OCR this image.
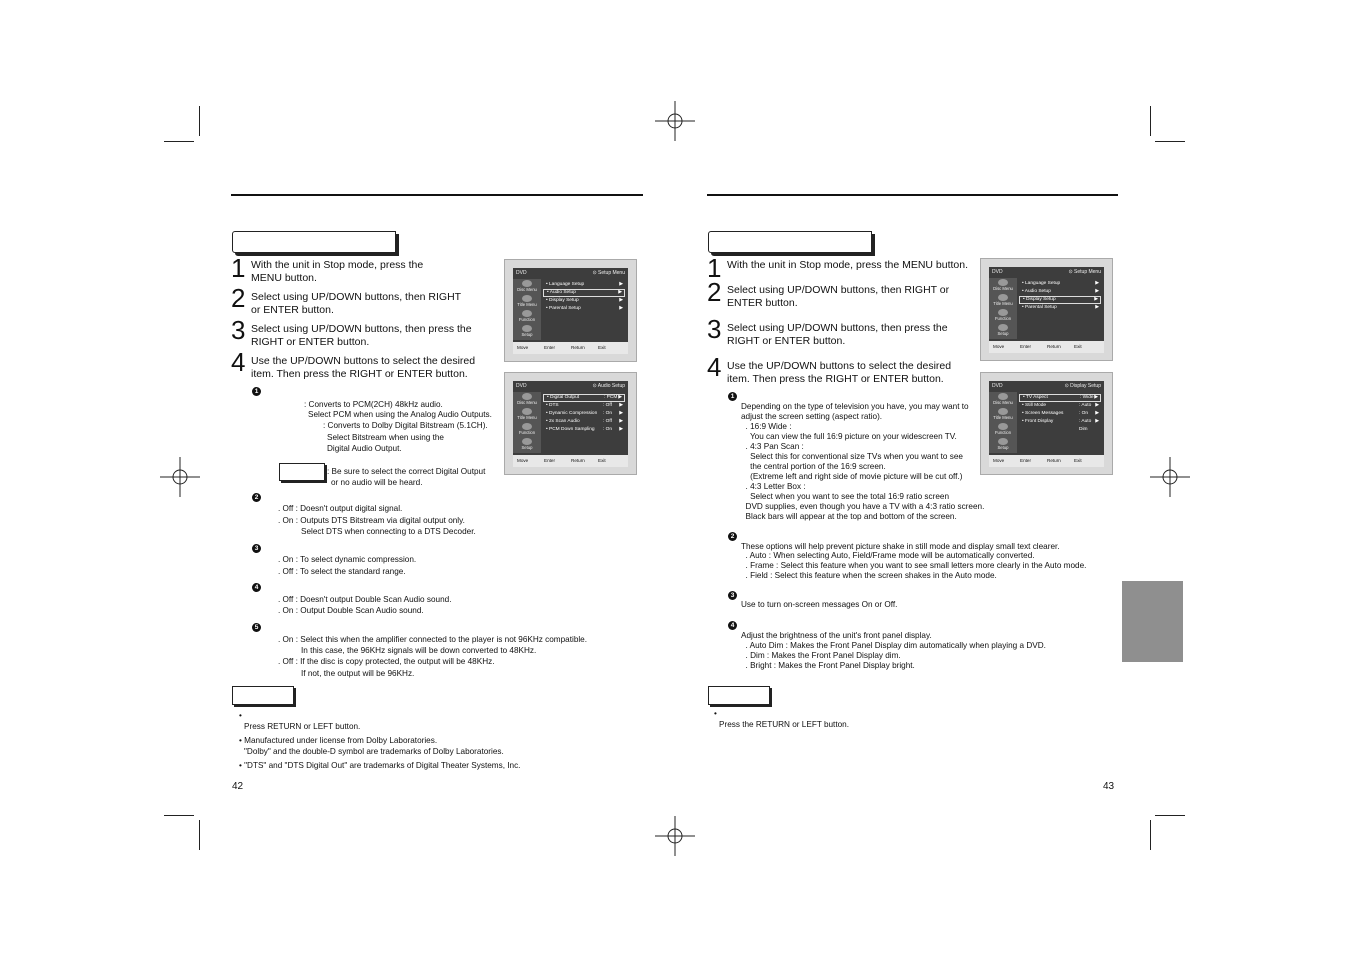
1 With the unit in Stop mode, press the MENU button.
2 Select using UP/DOWN buttons, then RIGHT or ENTER button.
3 Select using UP/DOWN buttons, then press the RIGHT or ENTER button.
4 Use the UP/DOWN buttons to select the desired item. Then press the RIGHT or ENTER button.
1
: Converts to PCM(2CH) 48kHz audio.
Select PCM when using the Analog Audio Outputs.
: Converts to Dolby Digital Bitstream (5.1CH).
Select Bitstream when using the
Digital Audio Output.
: Be sure to select the correct Digital Output
or no audio will be heard.
2
. Off : Doesn't output digital signal.
. On : Outputs DTS Bitstream via digital output only.
Select DTS when connecting to a DTS Decoder.
3
. On : To select dynamic compression.
. Off : To select the standard range.
4
. Off : Doesn't output Double Scan Audio sound.
. On : Output Double Scan Audio sound.
5
. On : Select this when the amplifier connected to the player is not 96KHz compatible.
In this case, the 96KHz signals will be down converted to 48KHz.
. Off : If the disc is copy protected, the output will be 48KHz.
If not, the output will be 96KHz.
•
Press RETURN or LEFT button.
• Manufactured under license from Dolby Laboratories.
"Dolby" and the double-D symbol are trademarks of Dolby Laboratories.
• "DTS" and "DTS Digital Out" are trademarks of Digital Theater Systems, Inc.
42
DVD	⊙ Setup Menu
Disc Menu
Title Menu
Function
Setup
• Language Setup	▶
• Audio Setup	▶
• Display Setup	▶
• Parental Setup	▶
Move	Enter	Return	Exit
DVD	⊙ Audio Setup
Disc Menu
Title Menu
Function
Setup
• Digital Output	: PCM ▶
• DTS	: Off ▶
• Dynamic Compression : On ▶
• 2x Scan Audio	: Off ▶
• PCM Down Sampling : On ▶
Move	Enter	Return	Exit
1 With the unit in Stop mode, press the MENU button.
2 Select using UP/DOWN buttons, then RIGHT or ENTER button.
3 Select using UP/DOWN buttons, then press the RIGHT or ENTER button.
4 Use the UP/DOWN buttons to select the desired item. Then press the RIGHT or ENTER button.
1
Depending on the type of television you have, you may want to
adjust the screen setting (aspect ratio).
. 16:9 Wide :
You can view the full 16:9 picture on your widescreen TV.
. 4:3 Pan Scan :
Select this for conventional size TVs when you want to see
the central portion of the 16:9 screen.
(Extreme left and right side of movie picture will be cut off.)
. 4:3 Letter Box :
Select when you want to see the total 16:9 ratio screen
DVD supplies, even though you have a TV with a 4:3 ratio screen.
Black bars will appear at the top and bottom of the screen.
2
These options will help prevent picture shake in still mode and display small text clearer.
. Auto : When selecting Auto, Field/Frame mode will be automatically converted.
. Frame : Select this feature when you want to see small letters more clearly in the Auto mode.
. Field : Select this feature when the screen shakes in the Auto mode.
3
Use to turn on-screen messages On or Off.
4
Adjust the brightness of the unit's front panel display.
. Auto Dim : Makes the Front Panel Display dim automatically when playing a DVD.
. Dim : Makes the Front Panel Display dim.
. Bright : Makes the Front Panel Display bright.
•
Press the RETURN or LEFT button.
43
DVD	⊙ Setup Menu
Disc Menu
Title Menu
Function
Setup
• Language Setup	▶
• Audio Setup	▶
• Display Setup	▶
• Parental Setup	▶
Move	Enter	Return	Exit
DVD	⊙ Display Setup
Disc Menu
Title Menu
Function
Setup
• TV Aspect	: Wide ▶
• Still Mode	: Auto ▶
• Screen Messages	: On ▶
• Front Display	: Auto Dim
▶
Move	Enter	Return	Exit
